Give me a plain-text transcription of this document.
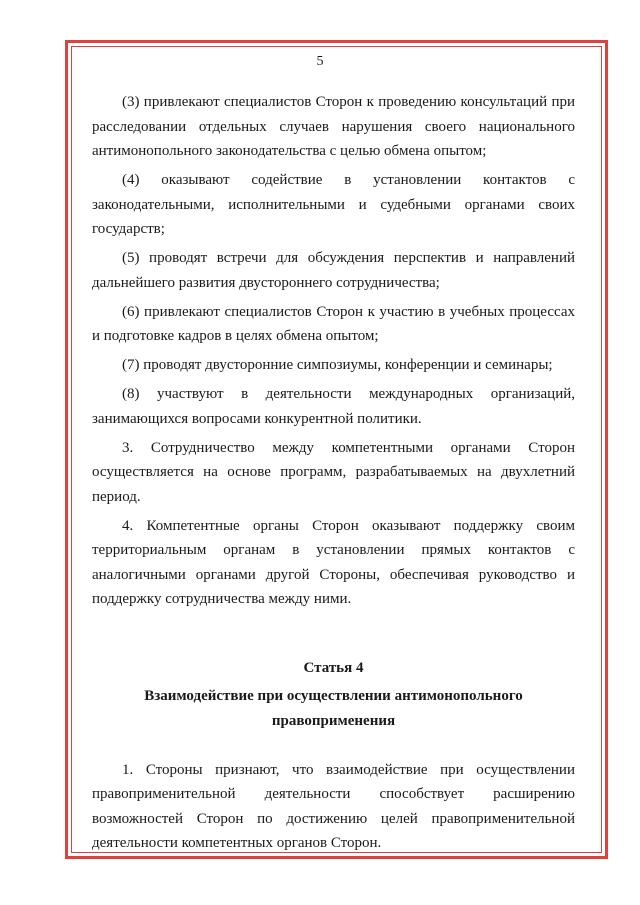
5

(3) привлекают специалистов Сторон к проведению консультаций при расследовании отдельных случаев нарушения своего национального антимонопольного законодательства с целью обмена опытом;

(4) оказывают содействие в установлении контактов с законодательными, исполнительными и судебными органами своих государств;

(5) проводят встречи для обсуждения перспектив и направлений дальнейшего развития двустороннего сотрудничества;

(6) привлекают специалистов Сторон к участию в учебных процессах и подготовке кадров в целях обмена опытом;

(7) проводят двусторонние симпозиумы, конференции и семинары;

(8) участвуют в деятельности международных организаций, занимающихся вопросами конкурентной политики.

3. Сотрудничество между компетентными органами Сторон осуществляется на основе программ, разрабатываемых на двухлетний период.

4. Компетентные органы Сторон оказывают поддержку своим территориальным органам в установлении прямых контактов с аналогичными органами другой Стороны, обеспечивая руководство и поддержку сотрудничества между ними.

Статья 4

Взаимодействие при осуществлении антимонопольного
правоприменения

1. Стороны признают, что взаимодействие при осуществлении правоприменительной деятельности способствует расширению возможностей Сторон по достижению целей правоприменительной деятельности компетентных органов Сторон.
